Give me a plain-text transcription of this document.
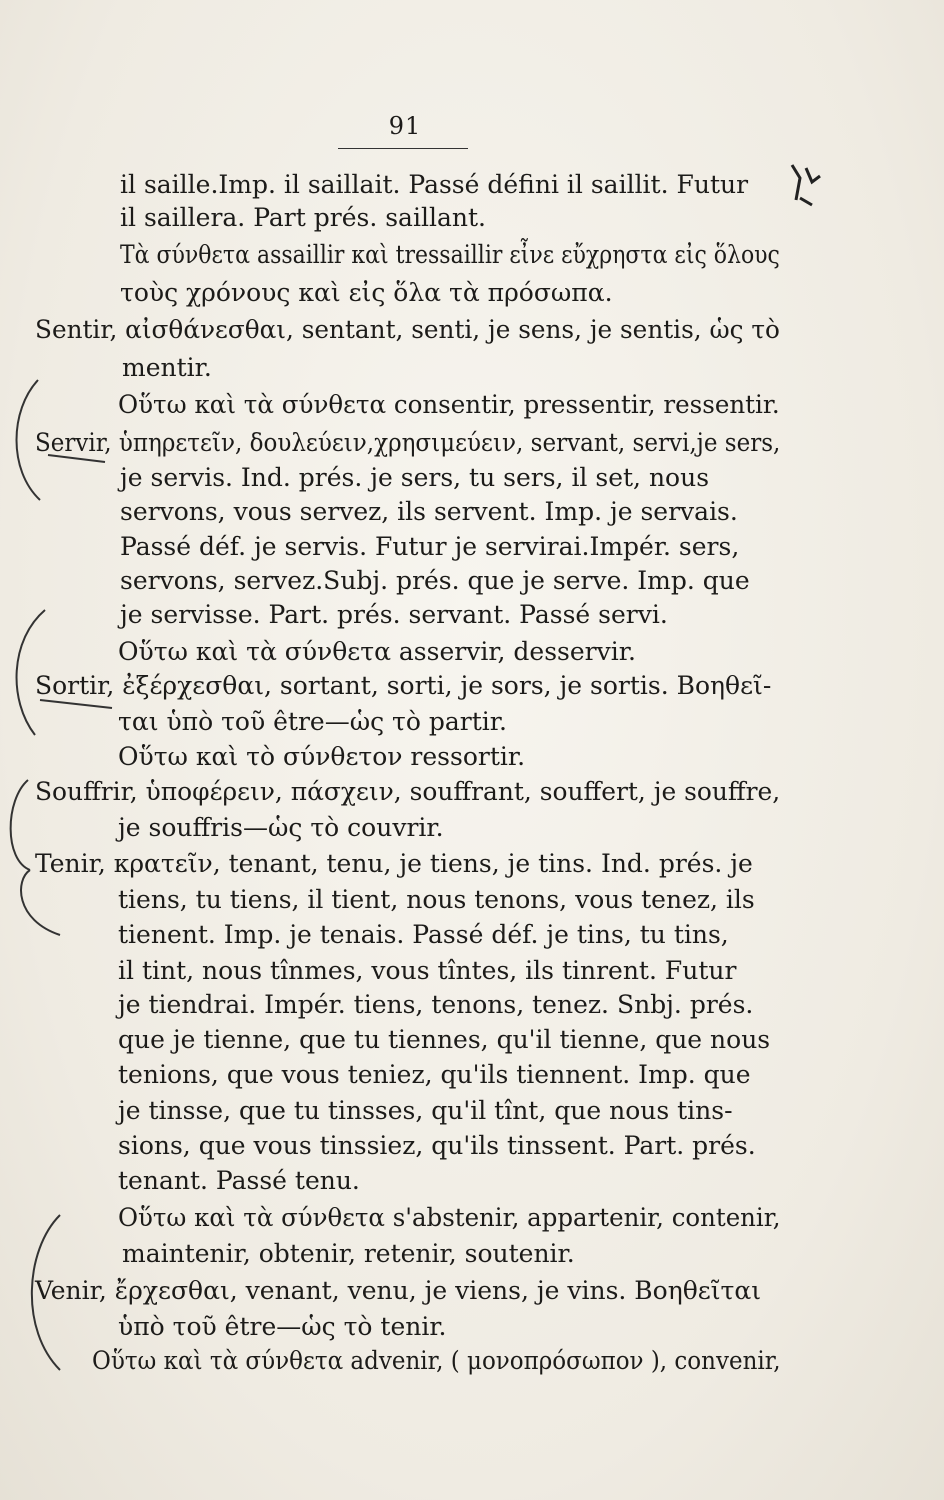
91
il saille.Imp. il saillait. Passé défini il saillit. Futur
il saillera. Part prés. saillant.
Τὰ σύνθετα assaillir καὶ tressaillir εἶνε εὔχρηστα εἰς ὅλους
τοὺς χρόνους καὶ εἰς ὅλα τὰ πρόσωπα.
Sentir, αἰσθάνεσθαι, sentant, senti, je sens, je sentis, ὡς τὸ
mentir.
Οὕτω καὶ τὰ σύνθετα consentir, pressentir, ressentir.
Servir, ὑπηρετεῖν, δουλεύειν,χρησιμεύειν, servant, servi,je sers,
je servis. Ind. prés. je sers, tu sers, il set, nous
servons, vous servez, ils servent. Imp. je servais.
Passé déf. je servis. Futur je servirai.Impér. sers,
servons, servez.Subj. prés. que je serve. Imp. que
je servisse. Part. prés. servant. Passé servi.
Οὕτω καὶ τὰ σύνθετα asservir, desservir.
Sortir, ἐξέρχεσθαι, sortant, sorti, je sors, je sortis. Βοηθεῖ-
ται ὑπὸ τοῦ être—ὡς τὸ partir.
Οὕτω καὶ τὸ σύνθετον ressortir.
Souffrir, ὑποφέρειν, πάσχειν, souffrant, souffert, je souffre,
je souffris—ὡς τὸ couvrir.
Tenir, κρατεῖν, tenant, tenu, je tiens, je tins. Ind. prés. je
tiens, tu tiens, il tient, nous tenons, vous tenez, ils
tienent. Imp. je tenais. Passé déf. je tins, tu tins,
il tint, nous tînmes, vous tîntes, ils tinrent. Futur
je tiendrai. Impér. tiens, tenons, tenez. Snbj. prés.
que je tienne, que tu tiennes, qu'il tienne, que nous
tenions, que vous teniez, qu'ils tiennent. Imp. que
je tinsse, que tu tinsses, qu'il tînt, que nous tins-
sions, que vous tinssiez, qu'ils tinssent. Part. prés.
tenant. Passé tenu.
Οὕτω καὶ τὰ σύνθετα s'abstenir, appartenir, contenir,
maintenir, obtenir, retenir, soutenir.
Venir, ἔρχεσθαι, venant, venu, je viens, je vins. Βοηθεῖται
ὑπὸ τοῦ être—ὡς τὸ tenir.
Οὕτω καὶ τὰ σύνθετα advenir, ( μονοπρόσωπον ), convenir,
